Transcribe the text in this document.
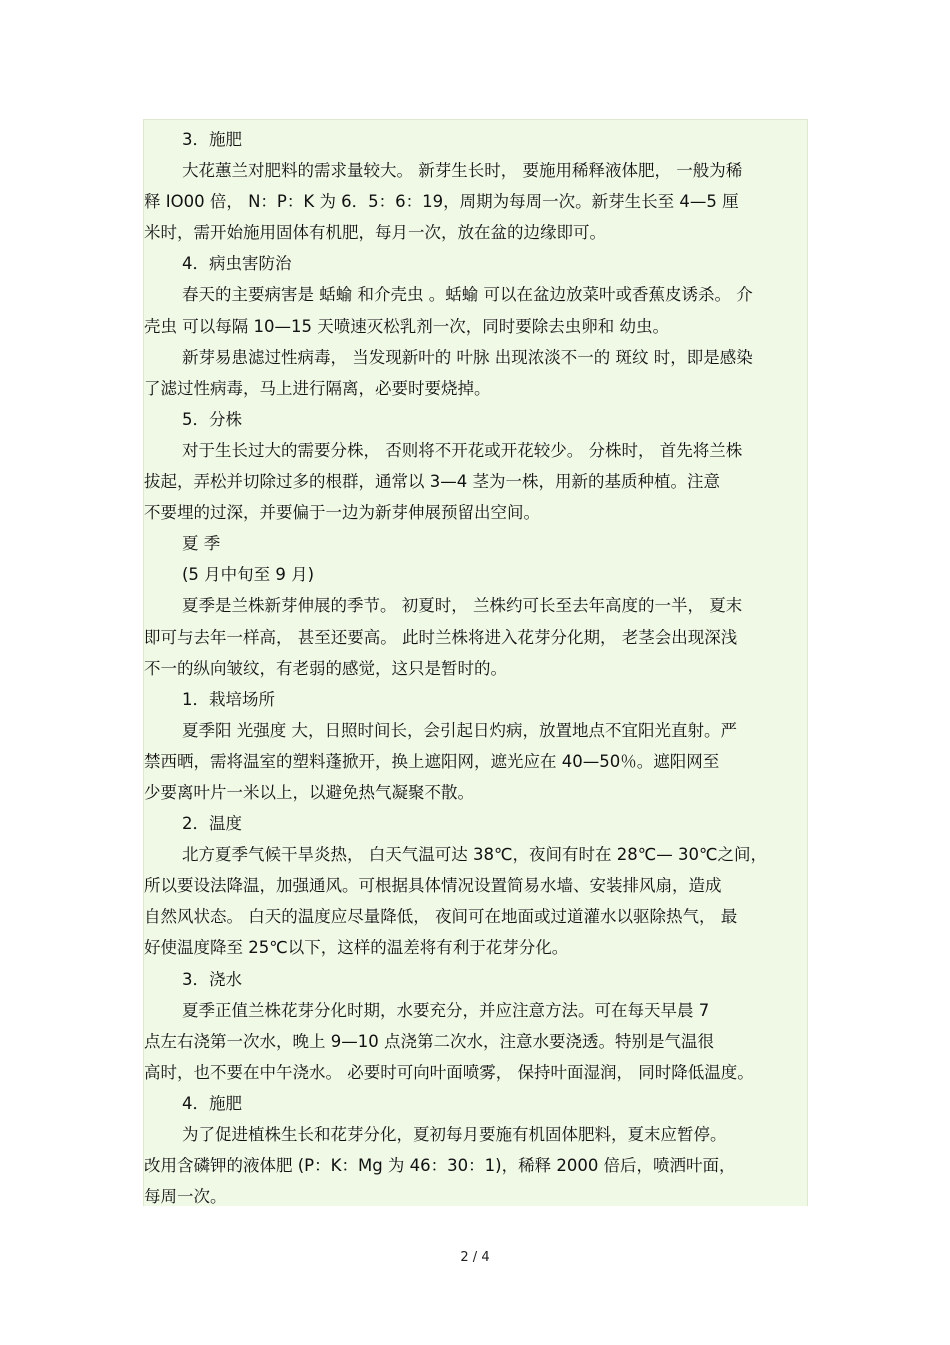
3．施肥
大花蕙兰对肥料的需求量较大。 新芽生长时， 要施用稀释液体肥， 一般为稀
释 IO00 倍， N：P：K 为 6．5：6：19，周期为每周一次。新芽生长至 4—5 厘
米时，需开始施用固体有机肥，每月一次，放在盆的边缘即可。
4．病虫害防治
春天的主要病害是 蛞蝓 和介壳虫 。蛞蝓 可以在盆边放菜叶或香蕉皮诱杀。 介
壳虫 可以每隔 10—15 天喷速灭松乳剂一次，同时要除去虫卵和 幼虫。
新芽易患滤过性病毒， 当发现新叶的 叶脉 出现浓淡不一的 斑纹 时，即是感染
了滤过性病毒，马上进行隔离，必要时要烧掉。
5．分株
对于生长过大的需要分株， 否则将不开花或开花较少。 分株时， 首先将兰株
拔起，弄松并切除过多的根群，通常以 3—4 茎为一株，用新的基质种植。注意
不要埋的过深，并要偏于一边为新芽伸展预留出空间。
夏 季
(5 月中旬至 9 月)
夏季是兰株新芽伸展的季节。 初夏时， 兰株约可长至去年高度的一半， 夏末
即可与去年一样高， 甚至还要高。 此时兰株将进入花芽分化期， 老茎会出现深浅
不一的纵向皱纹，有老弱的感觉，这只是暂时的。
1．栽培场所
夏季阳 光强度 大，日照时间长，会引起日灼病，放置地点不宜阳光直射。严
禁西晒，需将温室的塑料蓬掀开，换上遮阳网，遮光应在 40—50％。遮阳网至
少要离叶片一米以上，以避免热气凝聚不散。
2．温度
北方夏季气候干旱炎热， 白天气温可达 38℃，夜间有时在 28℃— 30℃之间，
所以要设法降温，加强通风。可根据具体情况设置简易水墙、安装排风扇，造成
自然风状态。 白天的温度应尽量降低， 夜间可在地面或过道灌水以驱除热气， 最
好使温度降至 25℃以下，这样的温差将有利于花芽分化。
3．浇水
夏季正值兰株花芽分化时期，水要充分，并应注意方法。可在每天早晨 7
点左右浇第一次水，晚上 9—10 点浇第二次水，注意水要浇透。特别是气温很
高时，也不要在中午浇水。 必要时可向叶面喷雾， 保持叶面湿润， 同时降低温度。
4．施肥
为了促进植株生长和花芽分化，夏初每月要施有机固体肥料，夏末应暂停。
改用含磷钾的液体肥 (P：K：Mg 为 46：30：1)，稀释 2000 倍后，喷洒叶面，
每周一次。
2 / 4
